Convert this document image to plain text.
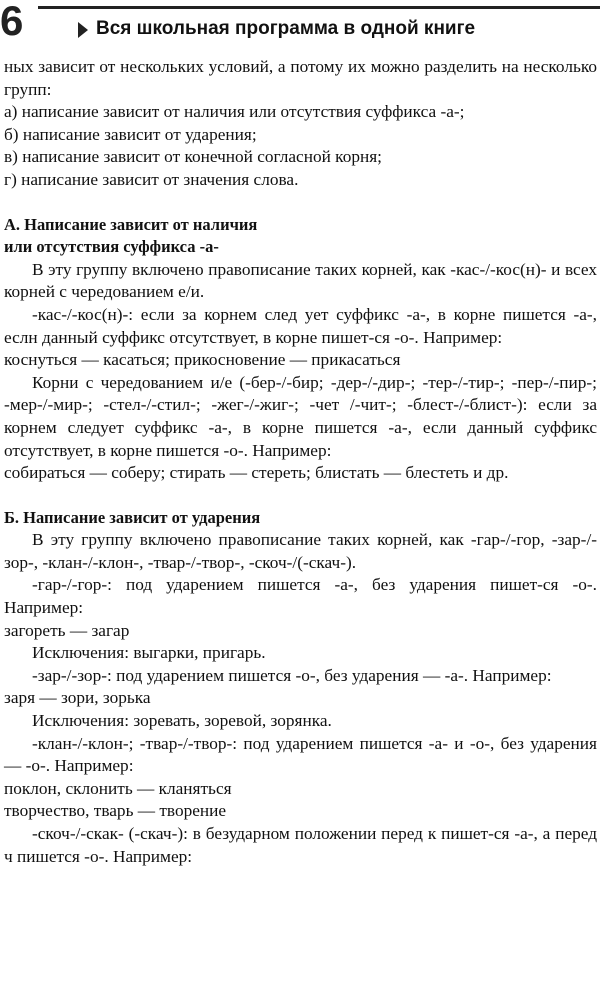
6	Вся школьная программа в одной книге

ных зависит от нескольких условий, а потому их можно разделить на несколько групп:

а) написание зависит от наличия или отсутствия суффикса -а-;

б) написание зависит от ударения;

в) написание зависит от конечной согласной корня;

г) написание зависит от значения слова.

А. Написание зависит от наличия

или отсутствия суффикса -а-

В эту группу включено правописание таких корней, как -кас-/-кос(н)- и всех корней с чередованием е/и.

-кас-/-кос(н)-: если за корнем след ует суффикс -а-, в корне пишется -а-, еслн данный суффикс отсутствует, в корне пишет-ся -о-. Например:

коснуться — касаться; прикосновение — прикасаться

Корни с чередованием и/е (-бер-/-бир; -дер-/-дир-; -тер-/-тир-; -пер-/-пир-; -мер-/-мир-; -стел-/-стил-; -жег-/-жиг-; -чет /-чит-; -блест-/-блист-): если за корнем следует суффикс -а-, в корне пишется -а-, если данный суффикс отсутствует, в корне пишется -о-. Например:

собираться — соберу; стирать — стереть; блистать — блестеть и др.

Б. Написание зависит от ударения

В эту группу включено правописание таких корней, как -гар-/-гор, -зар-/-зор-, -клан-/-клон-, -твар-/-твор-, -скоч-/(-скач-).

-гар-/-гор-: под ударением пишется -а-, без ударения пишет-ся -о-. Например:

загореть — загар

Исключения: выгарки, пригарь.

-зар-/-зор-: под ударением пишется -о-, без ударения — -а-. Например:

заря — зори, зорька

Исключения: зоревать, зоревой, зорянка.

-клан-/-клон-; -твар-/-твор-: под ударением пишется -а- и -о-, без ударения — -о-. Например:

поклон, склонить — кланяться

творчество, тварь — творение

-скоч-/-скак- (-скач-): в безударном положении перед к пишет-ся -а-, а перед ч пишется -о-. Например:
